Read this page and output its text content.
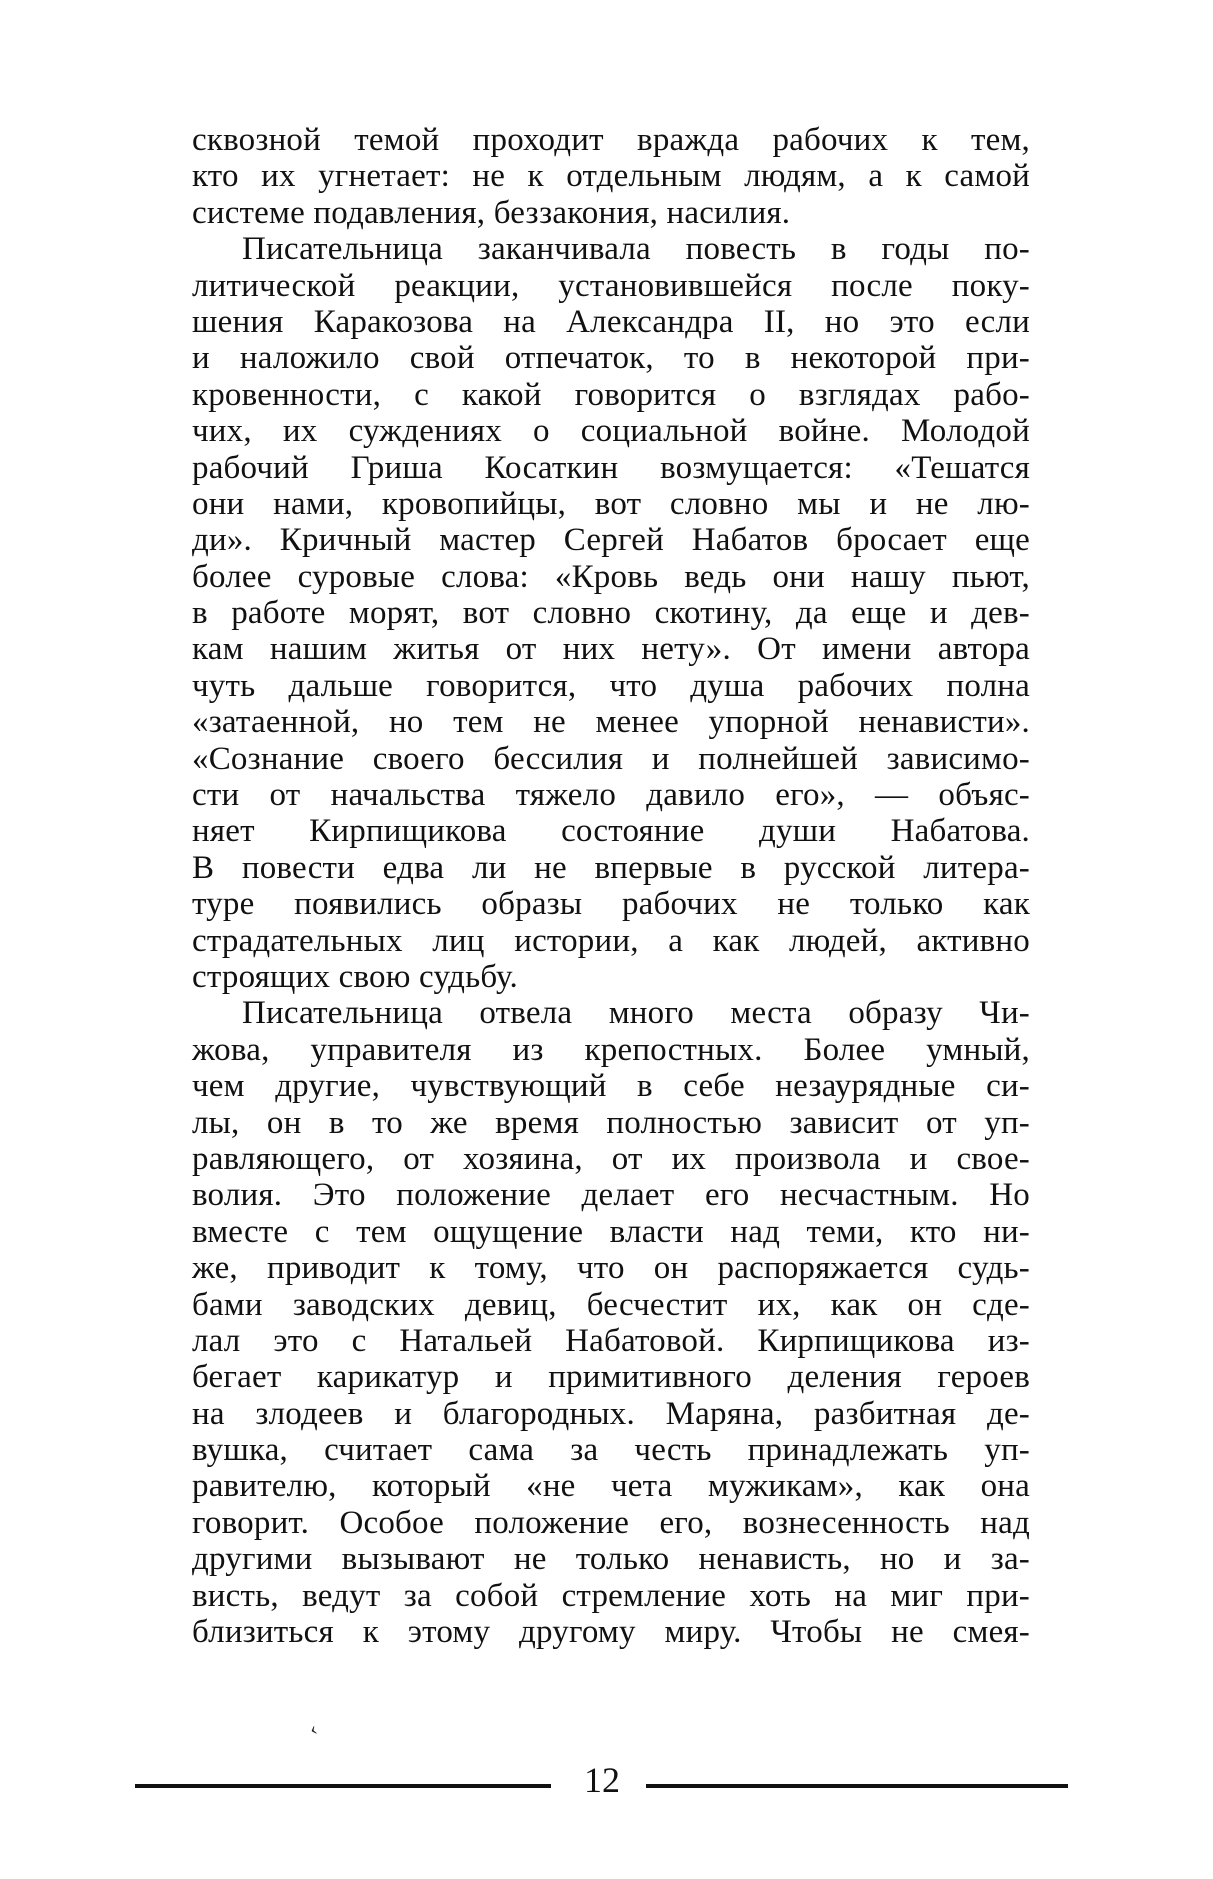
сквозной темой проходит вражда рабочих к тем,
кто их угнетает: не к отдельным людям, а к самой
системе подавления, беззакония, насилия.
Писательница заканчивала повесть в годы по-
литической реакции, установившейся после поку-
шения Каракозова на Александра II, но это если
и наложило свой отпечаток, то в некоторой при-
кровенности, с какой говорится о взглядах рабо-
чих, их суждениях о социальной войне. Молодой
рабочий Гриша Косаткин возмущается: «Тешатся
они нами, кровопийцы, вот словно мы и не лю-
ди». Кричный мастер Сергей Набатов бросает еще
более суровые слова: «Кровь ведь они нашу пьют,
в работе морят, вот словно скотину, да еще и дев-
кам нашим житья от них нету». От имени автора
чуть дальше говорится, что душа рабочих полна
«затаенной, но тем не менее упорной ненависти».
«Сознание своего бессилия и полнейшей зависимо-
сти от начальства тяжело давило его», — объяс-
няет Кирпищикова состояние души Набатова.
В повести едва ли не впервые в русской литера-
туре появились образы рабочих не только как
страдательных лиц истории, а как людей, активно
строящих свою судьбу.
Писательница отвела много места образу Чи-
жова, управителя из крепостных. Более умный,
чем другие, чувствующий в себе незаурядные си-
лы, он в то же время полностью зависит от уп-
равляющего, от хозяина, от их произвола и свое-
волия. Это положение делает его несчастным. Но
вместе с тем ощущение власти над теми, кто ни-
же, приводит к тому, что он распоряжается судь-
бами заводских девиц, бесчестит их, как он сде-
лал это с Натальей Набатовой. Кирпищикова из-
бегает карикатур и примитивного деления героев
на злодеев и благородных. Маряна, разбитная де-
вушка, считает сама за честь принадлежать уп-
равителю, который «не чета мужикам», как она
говорит. Особое положение его, вознесенность над
другими вызывают не только ненависть, но и за-
висть, ведут за собой стремление хоть на миг при-
близиться к этому другому миру. Чтобы не смея-
‹
12
